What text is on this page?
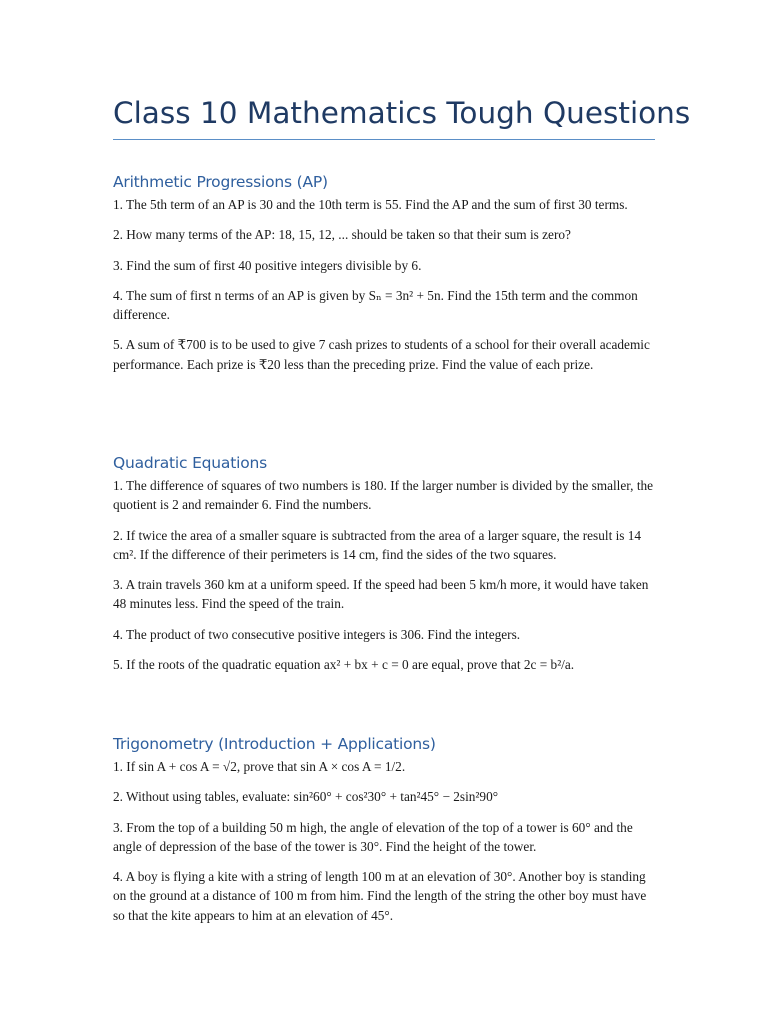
Class 10 Mathematics Tough Questions
Arithmetic Progressions (AP)

1. The 5th term of an AP is 30 and the 10th term is 55. Find the AP and the sum of first 30 terms.

2. How many terms of the AP: 18, 15, 12, ... should be taken so that their sum is zero?

3. Find the sum of first 40 positive integers divisible by 6.

4. The sum of first n terms of an AP is given by Sₙ = 3n² + 5n. Find the 15th term and the common difference.

5. A sum of ₹700 is to be used to give 7 cash prizes to students of a school for their overall academic performance. Each prize is ₹20 less than the preceding prize. Find the value of each prize.

Quadratic Equations

1. The difference of squares of two numbers is 180. If the larger number is divided by the smaller, the quotient is 2 and remainder 6. Find the numbers.

2. If twice the area of a smaller square is subtracted from the area of a larger square, the result is 14 cm². If the difference of their perimeters is 14 cm, find the sides of the two squares.

3. A train travels 360 km at a uniform speed. If the speed had been 5 km/h more, it would have taken 48 minutes less. Find the speed of the train.

4. The product of two consecutive positive integers is 306. Find the integers.

5. If the roots of the quadratic equation ax² + bx + c = 0 are equal, prove that 2c = b²/a.

Trigonometry (Introduction + Applications)

1. If sin A + cos A = √2, prove that sin A × cos A = 1/2.

2. Without using tables, evaluate: sin²60° + cos²30° + tan²45° − 2sin²90°

3. From the top of a building 50 m high, the angle of elevation of the top of a tower is 60° and the angle of depression of the base of the tower is 30°. Find the height of the tower.

4. A boy is flying a kite with a string of length 100 m at an elevation of 30°. Another boy is standing on the ground at a distance of 100 m from him. Find the length of the string the other boy must have so that the kite appears to him at an elevation of 45°.
